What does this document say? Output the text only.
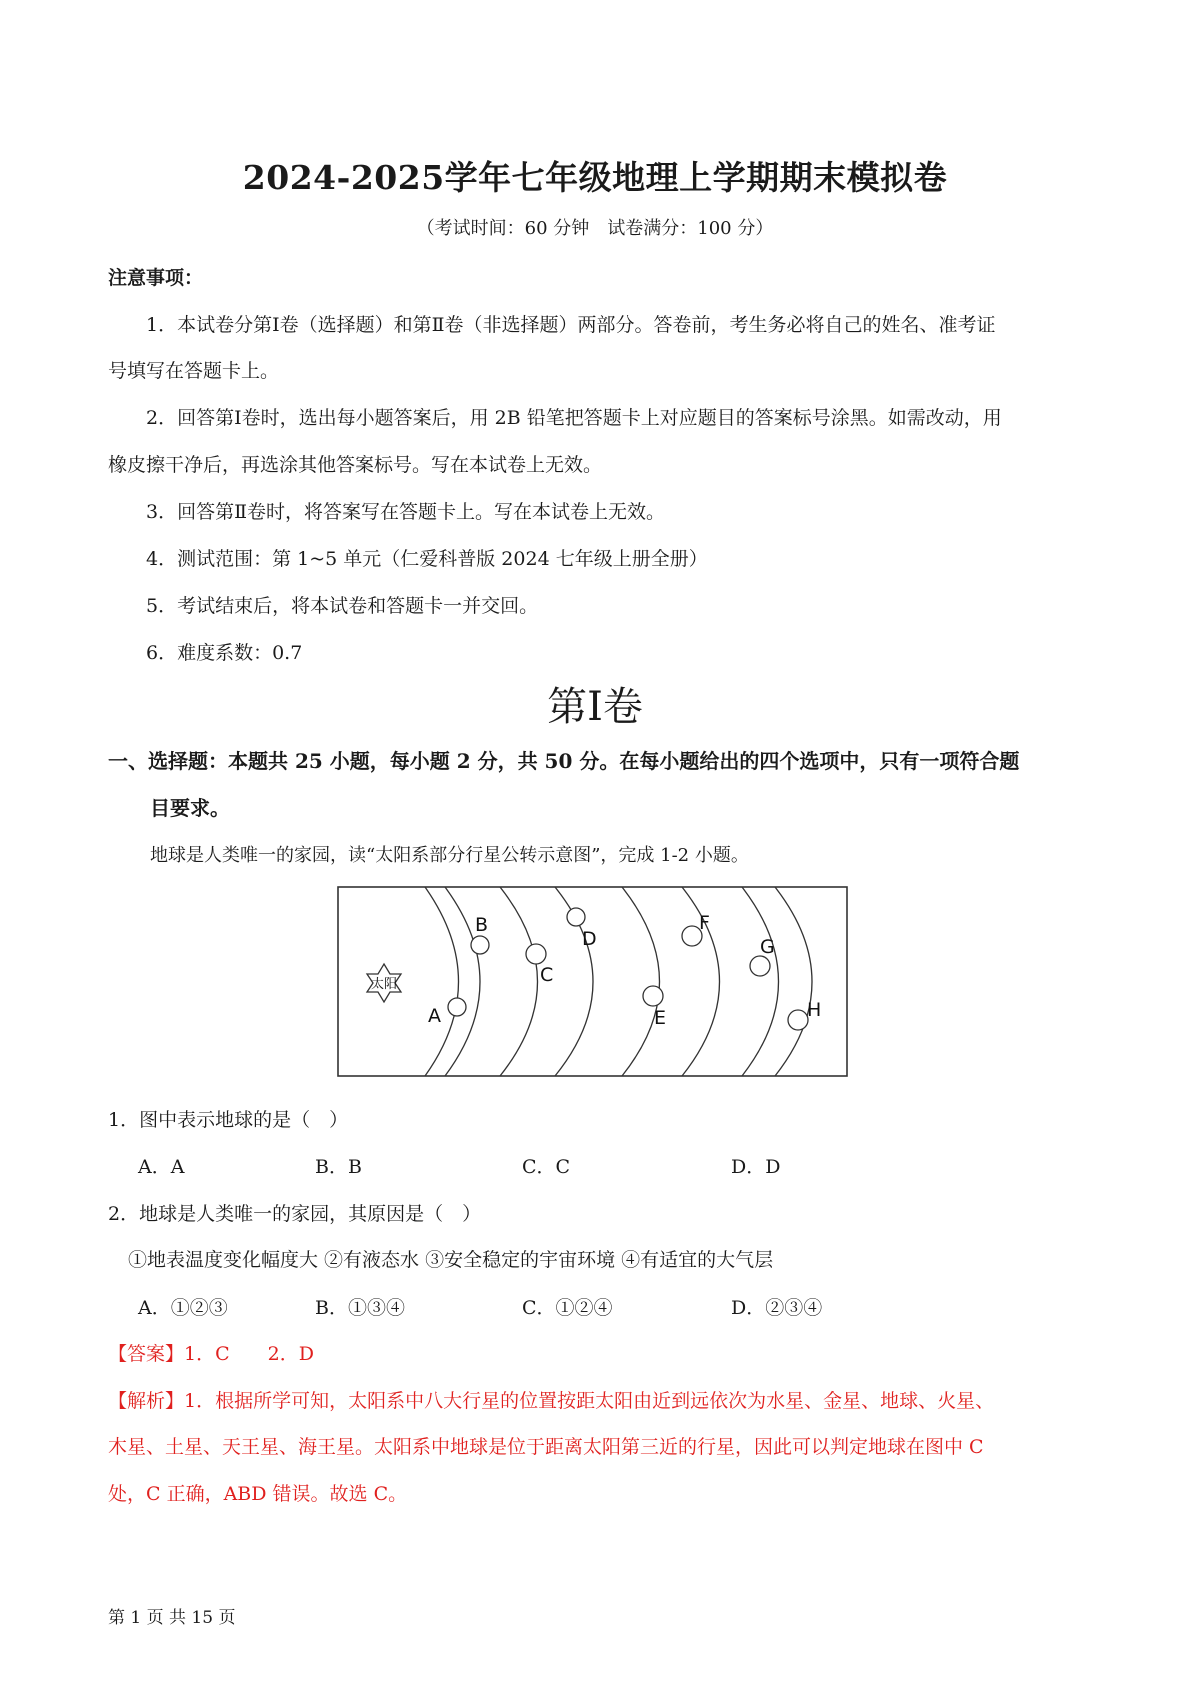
2024-2025学年七年级地理上学期期末模拟卷
（考试时间：60 分钟　试卷满分：100 分）
注意事项：
1．本试卷分第Ⅰ卷（选择题）和第Ⅱ卷（非选择题）两部分。答卷前，考生务必将自己的姓名、准考证
号填写在答题卡上。
2．回答第Ⅰ卷时，选出每小题答案后，用 2B 铅笔把答题卡上对应题目的答案标号涂黑。如需改动，用
橡皮擦干净后，再选涂其他答案标号。写在本试卷上无效。
3．回答第Ⅱ卷时，将答案写在答题卡上。写在本试卷上无效。
4．测试范围：第 1~5 单元（仁爱科普版 2024 七年级上册全册）
5．考试结束后，将本试卷和答题卡一并交回。
6．难度系数：0.7
第Ⅰ卷
一、选择题：本题共 25 小题，每小题 2 分，共 50 分。在每小题给出的四个选项中，只有一项符合题
目要求。
地球是人类唯一的家园，读“太阳系部分行星公转示意图”，完成 1-2 小题。
太阳
A
B
C
D
E
F
G
H
1．图中表示地球的是（　）
A．A	B．B	C．C	D．D
2．地球是人类唯一的家园，其原因是（　）
①地表温度变化幅度大 ②有液态水 ③安全稳定的宇宙环境 ④有适宜的大气层
A．①②③	B．①③④	C．①②④	D．②③④
【答案】1．C　　2．D
【解析】1．根据所学可知，太阳系中八大行星的位置按距太阳由近到远依次为水星、金星、地球、火星、
木星、土星、天王星、海王星。太阳系中地球是位于距离太阳第三近的行星，因此可以判定地球在图中 C
处，C 正确，ABD 错误。故选 C。
第 1 页 共 15 页
